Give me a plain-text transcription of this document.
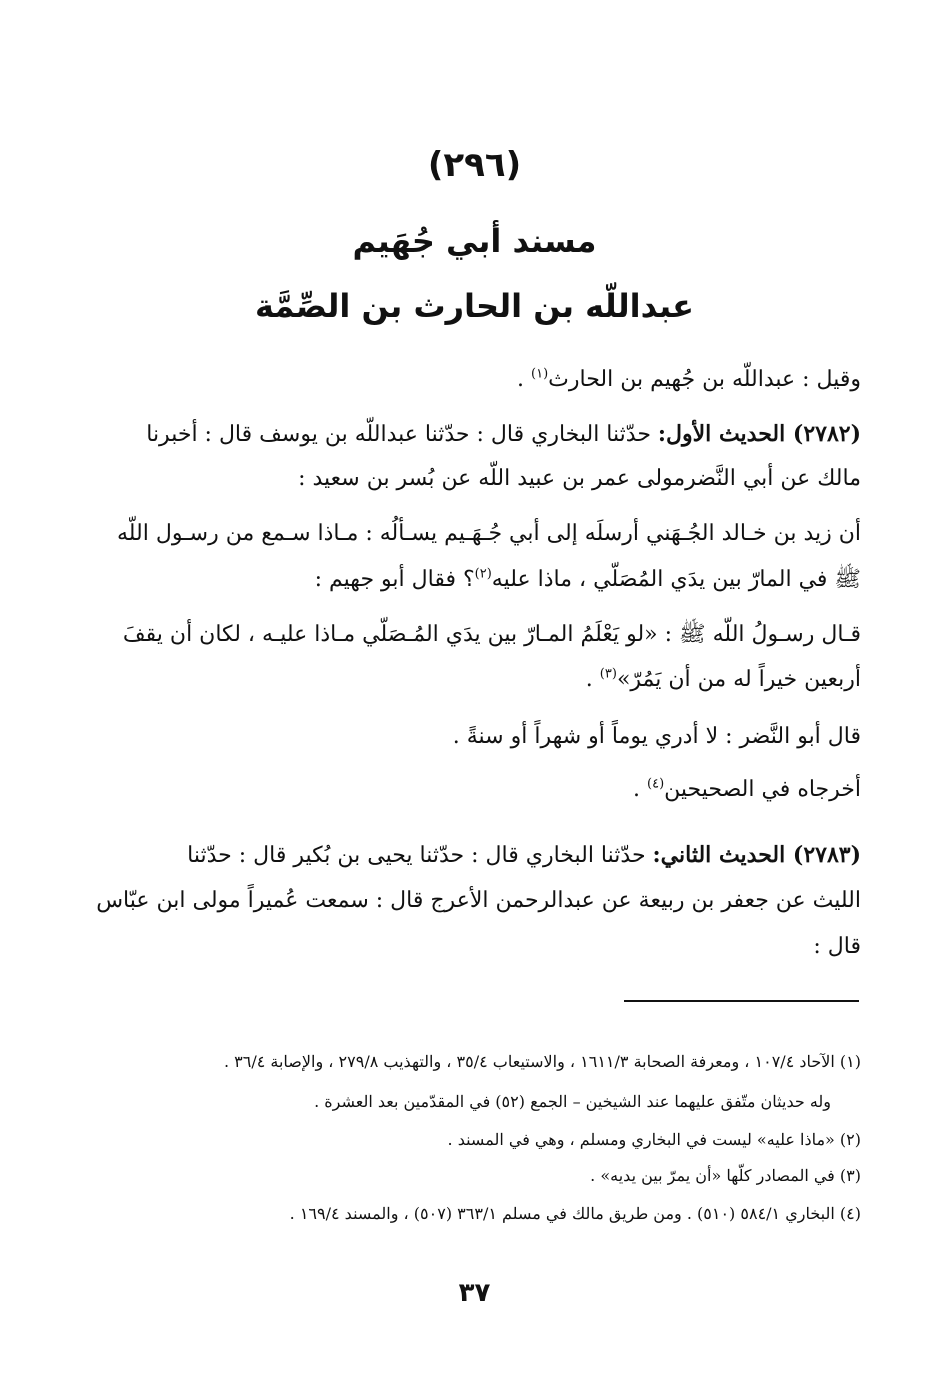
(٢٩٦)
مسند أبي جُهَيم
عبداللّه بن الحارث بن الصِّمَّة
وقيل : عبداللّه بن جُهيم بن الحارث$^{(١)}$ .
(٢٧٨٢) الحديث الأول: حدّثنا البخاري قال : حدّثنا عبداللّه بن يوسف قال : أخبرنا
مالك عن أبي النَّضرمولى عمر بن عبيد اللّه عن بُسر بن سعيد :
أن زيد بن خـالد الجُـهَني أرسلَه إلى أبي جُـهَـيم يسـألُه : مـاذا سـمع من رسـول اللّه
ﷺ في المارّ بين يدَي المُصَلّي ، ماذا عليه$^{(٢)}$؟ فقال أبو جهيم :
قـال رسـولُ اللّه ﷺ : «لو يَعْلَمُ المـارّ بين يدَي المُـصَلّي مـاذا عليـه ، لكان أن يقفَ
أربعين خيراً له من أن يَمُرّ»$^{(٣)}$ .
قال أبو النَّضر : لا أدري يوماً أو شهراً أو سنةً .
أخرجاه في الصحيحين$^{(٤)}$ .
(٢٧٨٣) الحديث الثاني: حدّثنا البخاري قال : حدّثنا يحيى بن بُكير قال : حدّثنا
الليث عن جعفر بن ربيعة عن عبدالرحمن الأعرج قال : سمعت عُميراً مولى ابن عبّاس
قال :
(١) الآحاد ١٠٧/٤ ، ومعرفة الصحابة ١٦١١/٣ ، والاستيعاب ٣٥/٤ ، والتهذيب ٢٧٩/٨ ، والإصابة ٣٦/٤ .
وله حديثان متّفق عليهما عند الشيخين – الجمع (٥٢) في المقدّمين بعد العشرة .
(٢) «ماذا عليه» ليست في البخاري ومسلم ، وهي في المسند .
(٣) في المصادر كلّها «أن يمرّ بين يديه» .
(٤) البخاري ٥٨٤/١ (٥١٠) . ومن طريق مالك في مسلم ٣٦٣/١ (٥٠٧) ، والمسند ١٦٩/٤ .
٣٧
